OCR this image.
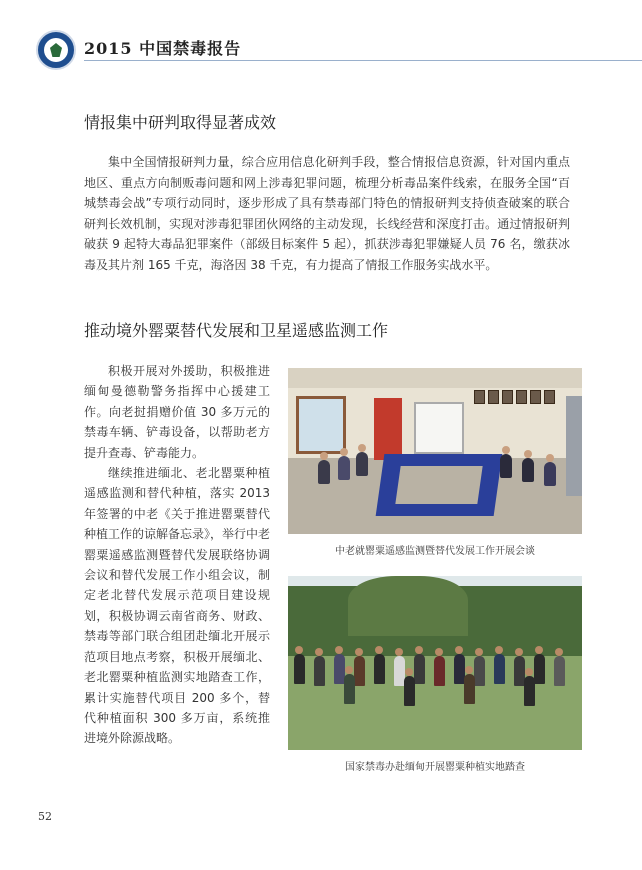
2015 中国禁毒报告
情报集中研判取得显著成效

集中全国情报研判力量，综合应用信息化研判手段，整合情报信息资源，针对国内重点地区、重点方向制贩毒问题和网上涉毒犯罪问题，梳理分析毒品案件线索，在服务全国“百城禁毒会战”专项行动同时，逐步形成了具有禁毒部门特色的情报研判支持侦查破案的联合研判长效机制，实现对涉毒犯罪团伙网络的主动发现，长线经营和深度打击。通过情报研判破获 9 起特大毒品犯罪案件（部级目标案件 5 起），抓获涉毒犯罪嫌疑人员 76 名，缴获冰毒及其片剂 165 千克，海洛因 38 千克，有力提高了情报工作服务实战水平。

推动境外罂粟替代发展和卫星遥感监测工作

积极开展对外援助，积极推进缅甸曼德勒警务指挥中心援建工作。向老挝捐赠价值 30 多万元的禁毒车辆、铲毒设备，以帮助老方提升查毒、铲毒能力。

继续推进缅北、老北罂粟种植遥感监测和替代种植，落实 2013 年签署的中老《关于推进罂粟替代种植工作的谅解备忘录》，举行中老罂粟遥感监测暨替代发展联络协调会议和替代发展工作小组会议，制定老北替代发展示范项目建设规划，积极协调云南省商务、财政、禁毒等部门联合组团赴缅北开展示范项目地点考察，积极开展缅北、老北罂粟种植监测实地踏查工作，累计实施替代项目 200 多个，替代种植面积 300 多万亩，系统推进境外除源战略。

中老就罂粟遥感监测暨替代发展工作开展会谈
国家禁毒办赴缅甸开展罂粟种植实地踏查
52
